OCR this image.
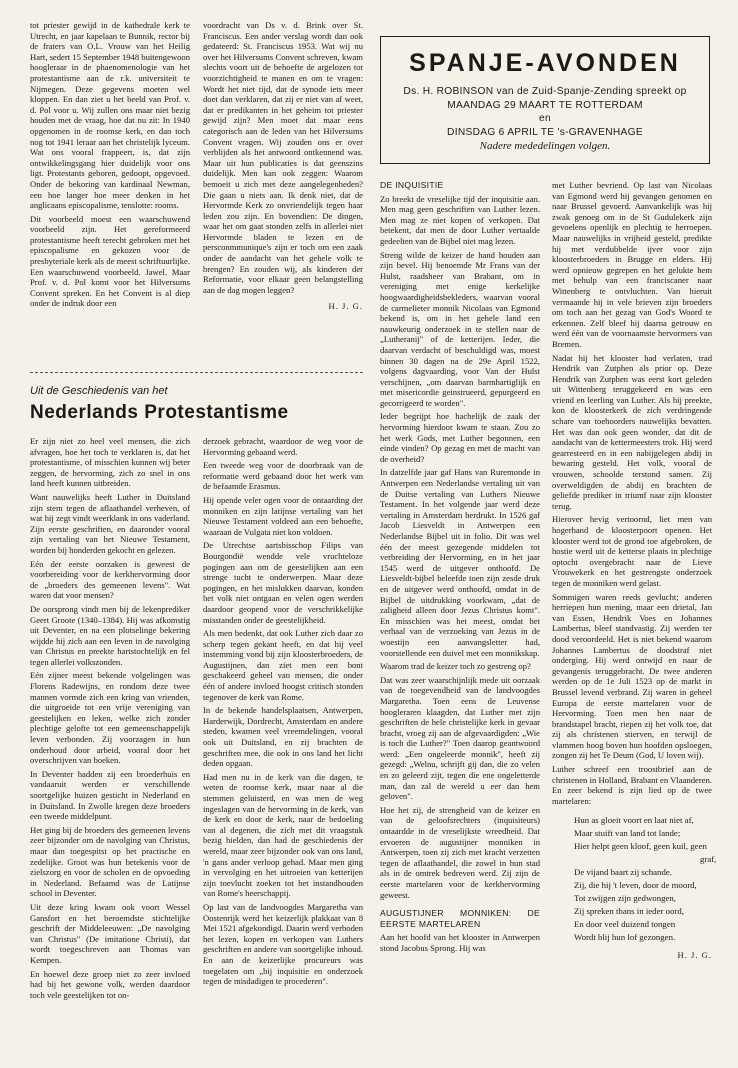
tot priester gewijd in de kathedrale kerk te Utrecht, en jaar kapelaan te Bunnik, rector bij de fraters van O.L. Vrouw van het Heilig Hart, sedert 15 September 1948 buitengewoon hoogleraar in de phaenomenologie van het protestantisme aan de r.k. universiteit te Nijmegen. Deze gegevens moeten wel kloppen. En dan ziet u het beeld van Prof. v. d. Pol voor u. Wij zullen ons maar niet bezig houden met de vraag, hoe dat nu zit: In 1940 opgenomen in de roomse kerk, en dan toch nog tot 1941 leraar aan het christelijk lyceum. Wat ons vooral frappeert, is, dat zijn ontwikkelingsgang hier duidelijk voor ons ligt. Protestants geboren, gedoopt, opgevoed. Onder de bekoring van kardinaal Newman, een hoe langer hoe meer denken in het anglicaans episcopalisme, tenslotte: rooms.

Dit voorbeeld moest een waarschuwend voorbeeld zijn. Het gereformeerd protestantisme heeft terecht gebroken met het episcopalisme en gekozen voor de presbyteriale kerk als de meest schriftuurlijke. Een waarschuwend voorbeeld. Jawel. Maar Prof. v. d. Pol komt voor het Hilversums Convent spreken. En het Convent is al diep onder de indruk door een

voordracht van Ds v. d. Brink over St. Franciscus. Een ander verslag wordt dan ook gedateerd: St. Franciscus 1953. Wat wij nu over het Hilversums Convent schreven, kwam slechts voort uit de behoefte de argelozen tot voorzichtigheid te manen en om te vragen: Wordt het niet tijd, dat de synode iets meer doet dan verklaren, dat zij er niet van af weet, dat er predikanten in het geheim tot priester gewijd zijn? Men moet dat maar eens categorisch aan de leden van het Hilversums Convent vragen. Wij zouden ons er over verblijden als het antwoord ontkennend was. Maar uit hun publicaties is dat geenszins duidelijk. Men kan ook zeggen: Waarom bemoeit u zich met deze aangelegenheden? Die gaan u niets aan. Ik denk niet, dat de Hervormde Kerk zo onvriendelijk tegen haar leden zou zijn. En bovendien: De dingen, waar het om gaat stonden zelfs in allerlei niet Hervormde bladen te lezen en de persconmmunique's zijn er toch om een zaak onder de aandacht van het gehele volk te brengen? En zouden wij, als kinderen der Reformatie, voor elkaar geen belangstelling aan de dag mogen leggen?

H. J. G.

SPANJE-AVONDEN
Ds. H. ROBINSON van de Zuid-Spanje-Zending spreekt op
MAANDAG 29 MAART TE ROTTERDAM
en
DINSDAG 6 APRIL TE 's-GRAVENHAGE
Nadere mededelingen volgen.
Uit de Geschiedenis van het
Nederlands Protestantisme

Er zijn niet zo heel veel mensen, die zich afvragen, hoe het toch te verklaren is, dat het protestantisme, of misschien kunnen wij beter zeggen, de hervorming, zich zo snel in ons land heeft kunnen uitbreiden.

Want nauwelijks heeft Luther in Duitsland zijn stem tegen de aflaathandel verheven, of wat hij zegt vindt weerklank in ons vaderland. Zijn eerste geschriften, en daaronder vooral zijn vertaling van het Nieuwe Testament, worden bij honderden gekocht en gelezen.

Eén der eerste oorzaken is geweest de voorbereiding voor de kerkhervorming door de „broeders des gemeenen levens". Wat waren dat voor mensen?

De oorsprong vindt men bij de lekenprediker Geert Groote (1340–1384). Hij was afkomstig uit Deventer, en na een plotselinge bekering wijdde hij zich aan een leven in de navolging van Christus en preekte hartstochtelijk en fel tegen allerlei volkszonden.

Eén zijner meest bekende volgelingen was Florens Radewijns, en rondom deze twee mannen vormde zich een kring van vrienden, die uitgroeide tot een vrije vereniging van geestelijken en leken, welke zich zonder plechtige gelofte tot een gemeenschappelijk leven verbonden. Zij voorzagen in hun onderhoud door arbeid, vooral door het overschrijven van boeken.

In Deventer hadden zij een broederhuis en vandaaruit werden er verschillende soortgelijke huizen gesticht in Nederland en in Duitsland. In Zwolle kregen deze broeders een tweede middelpunt.

Het ging bij de broeders des gemeenen levens zeer bijzonder om de navolging van Christus, maar dan toegespitst op het practische en zedelijke. Groot was hun betekenis voor de zielszorg en voor de scholen en de opvoeding in Nederland. Befaamd was de Latijnse school in Deventer.

Uit deze kring kwam ook voort Wessel Gansfort en het beroemdste stichtelijke geschrift der Middeleeuwen: „De navolging van Christus" (De imitatione Christi), dat wordt toegeschreven aan Thomas van Kempen.

En hoewel deze groep niet zo zeer invloed had bij het gewone volk, werden daardoor toch vele geestelijken tot on-

derzoek gebracht, waardoor de weg voor de Hervorming gebaand werd.

Een tweede weg voor de doorbraak van de reformatie werd gebaand door het werk van de befaamde Erasmus.

Hij opende veler ogen voor de ontaarding der monniken en zijn latijnse vertaling van het Nieuwe Testament voldeed aan een behoefte, waaraan de Vulgata niet kon voldoen.

De Utrechtse aartsbisschop Filips van Bourgondië wendde vele vruchteloze pogingen aan om de geestelijken aan een strenge tucht te onderwerpen. Maar deze pogingen, en het mislukken daarvan, konden het volk niet ontgaan en velen ogen werden daardoor geopend voor de verschrikkelijke misstanden onder de geestelijkheid.

Als men bedenkt, dat ook Luther zich daar zo scherp tegen gekant heeft, en dat hij veel instemming vond bij zijn kloosterbroeders, de Augustijnen, dan ziet men een bont geschakeerd geheel van mensen, die onder één of andere invloed hoogst critisch stonden tegenover de kerk van Rome.

In de bekende handelsplaatsen, Antwerpen, Harderwijk, Dordrecht, Amsterdam en andere steden, kwamen veel vreemdelingen, vooral ook uit Duitsland, en zij brachten de geschriften mee, die ook in ons land het licht deden opgaan.

Had men nu in de kerk van die dagen, te weten de roomse kerk, maar naar al die stemmen geluisterd, en was men de weg ingeslagen van de hervorming in de kerk, van de kerk en door de kerk, naar de bedoeling van al degenen, die zich met dit vraagstuk bezig hielden, dan had de geschiedenis der wereld, maar zeer bijzonder ook van ons land, 'n gans ander verloop gehad. Maar men ging in vervolging en het uitroeien van ketterijen zijn toevlucht zoeken tot het instandhouden van Rome's heerschappij.

Op last van de landvoogdes Margaretha van Oostenrijk werd het keizerlijk plakkaat van 8 Mei 1521 afgekondigd. Daarin werd verboden het lezen, kopen en verkopen van Luthers geschriften en andere van soortgelijke inhoud. En aan de keizerlijke procureurs was toegelaten om „bij inquisitie en onderzoek tegen de misdadigen te procederen".

DE INQUISITIE

Zo breekt de vreselijke tijd der inquisitie aan. Men mag geen geschriften van Luther lezen. Men mag ze niet kopen of verkopen. Dat betekent, dat men de door Luther vertaalde gedeelten van de Bijbel niet mag lezen.

Streng wilde de keizer de hand houden aan zijn bevel. Hij benoemde Mr Frans van der Hulst, raadsheer van Brabant, om in vereniging met enige kerkelijke hoogwaardigheidsbekleders, waarvan vooral de carmelieter monnik Nicolaas van Egmond bekend is, om in het gehele land een nauwkeurig onderzoek in te stellen naar de „Lutheranij" of de ketterijen. Ieder, die daarvan verdacht of beschuldigd was, moest binnen 30 dagen na de 29e April 1522, volgens dagvaarding, voor Van der Hulst verschijnen, „om daarvan barmhartiglijk en met misericordie geinstrueerd, gepurgeerd en gecorrigeerd te worden".

Ieder begrijpt hoe hachelijk de zaak der hervorming hierdoor kwam te staan. Zou zo het werk Gods, met Luther begonnen, een einde vinden? Op gezag en met de macht van de overheid?

In datzelfde jaar gaf Hans van Ruremonde in Antwerpen een Nederlandse vertaling uit van de Duitse vertaling van Luthers Nieuwe Testament. In het volgende jaar werd deze vertaling in Amsterdam herdrukt. In 1526 gaf Jacob Liesveldt in Antwerpen een Nederlandse Bijbel uit in folio. Dit was wel één der meest gezegende middelen tot verbreiding der Hervorming, en in het jaar 1545 werd de uitgever onthoofd. De Liesveldt-bijbel beleefde toen zijn zesde druk en de uitgever werd onthoofd, omdat in de Bijbel de uitdrukking voorkwam, „dat de zaligheid alleen door Jezus Christus komt". En misschien was het meest, omdat het verhaal van de verzoeking van Jezus in de woestijn een aanvangsletter had, voorstellende een duivel met een monnikskap.

Waarom trad de keizer toch zo gestreng op?

Dat was zeer waarschijnlijk mede uit oorzaak van de toegevendheid van de landvoogdes Margaretha. Toen eens de Leuvense hoogleraren klaagden, dat Luther met zijn geschriften de hele christelijke kerk in gevaar bracht, vroeg zij aan de afgevaardigden: „Wie is toch die Luther?" Toen daarop geantwoord werd: „Een ongeleerde monnik", heeft zij gezegd: „Welnu, schrijft gij dan, die zo velen en zo geleerd zijt, tegen die ene ongeletterde man, dan zal de wereld u eer dan hem geloven".

Hoe het zij, de strengheid van de keizer en van de geloofsrechters (inquisiteurs) ontaardde in de vreselijkste wreedheid. Dat ervoeren de augustijner monniken in Antwerpen, toen zij zich met kracht verzetten tegen de aflaathandel, die zowel in hun stad als in de omtrek bedreven werd. Zij zijn de eerste martelaren voor de kerkhervorming geweest.

AUGUSTIJNER MONNIKEN: DE EERSTE MARTELAREN

Aan het hoofd van het klooster in Antwerpen stond Jacobus Sprong. Hij was

met Luther bevriend. Op last van Nicolaas van Egmond werd hij gevangen genomen en naar Brussel gevoerd. Aanvankelijk was hij zwak genoeg om in de St Gudulekerk zijn gevoelens openlijk en plechtig te herroepen. Maar nauwelijks in vrijheid gesteld, predikte hij met verdubbelde ijver voor zijn kloosterbroeders in Brugge en elders. Hij werd opnieuw gegrepen en het gelukte hem met behulp van een franciscaner naar Wittenberg te ontvluchten. Van hieruit vermaande hij in vele brieven zijn broeders om toch aan het gezag van God's Woord te erkennen. Zelf bleef hij daarna getrouw en werd één van de voornaamste hervormers van Bremen.

Nadat hij het klooster had verlaten, trad Hendrik van Zutphen als prior op. Deze Hendrik van Zutphen was eerst kort geleden uit Wittenberg teruggekeerd en was een vriend en leerling van Luther. Als hij preekte, kon de kloosterkerk de zich verdringende schare van toehoorders nauwelijks bevatten. Het was dan ook geen wonder, dat dit de aandacht van de kettermeesters trok. Hij werd gearresteerd en in een nabijgelegen abdij in bewaring gesteld. Het volk, vooral de vrouwen, schoolde terstond samen. Zij overweldigden de abdij en brachten de geliefde prediker in triumf naar zijn klooster terug.

Hierover hevig vertoornd, liet men van hogerhand de kloosterpoort openen. Het klooster werd tot de grond toe afgebroken, de hostie werd uit de ketterse plaats in plechtige optocht overgebracht naar de Lieve Vrouwekerk en het gestrengste onderzoek tegen de monniken werd gelast.

Sommigen waren reeds gevlucht; anderen herriepen hun mening, maar een drietal, Jan van Essen, Hendrik Voes en Johannes Lambertus, bleef standvastig. Zij werden ter dood veroordeeld. Het is niet bekend waarom Johannes Lambertus de doodstraf niet onderging. Hij werd ontwijd en naar de gevangenis teruggebracht. De twee anderen werden op de 1e Juli 1523 op de markt in Brussel levend verbrand. Zij waren in geheel Europa de eerste martelaren voor de Hervorming. Toen men hen naar de brandstapel bracht, riepen zij het volk toe, dat zij als christenen stierven, en terwijl de vlammen hoog boven hun hoofden opsloegen, zongen zij het Te Deum (God, U loven wij).

Luther schreef een troostbrief aan de christenen in Holland, Brabant en Vlaanderen. En zeer bekend is zijn lied op de twee martelaren:

Hun as gloeit voort en laat niet af,
Maar stuift van land tot lande;
Hier helpt geen kloof, geen kuil, geen
graf,
De vijand baart zij schande.
Zij, die hij 't leven, door de moord,
Tot zwijgen zijn gedwongen,
Zij spreken thans in ieder oord,
En door veel duizend tongen
Wordt blij hun lof gezongen.

H. J. G.
